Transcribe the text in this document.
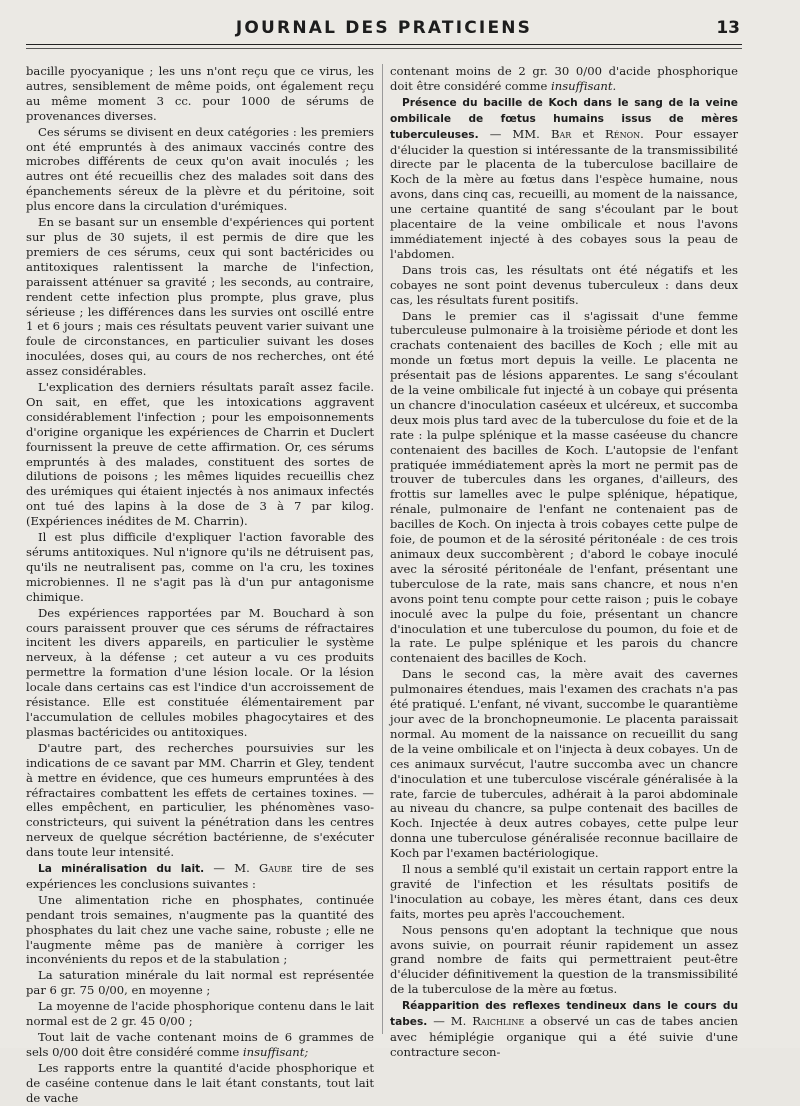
JOURNAL DES PRATICIENS	13

bacille pyocyanique ; les uns n'ont reçu que ce virus, les autres, sensiblement de même poids, ont également reçu au même moment 3 cc. pour 1000 de sérums de provenances diverses.

Ces sérums se divisent en deux catégories : les premiers ont été empruntés à des animaux vaccinés contre des microbes différents de ceux qu'on avait inoculés ; les autres ont été recueillis chez des malades soit dans des épanchements séreux de la plèvre et du péritoine, soit plus encore dans la circulation d'urémiques.

En se basant sur un ensemble d'expériences qui portent sur plus de 30 sujets, il est permis de dire que les premiers de ces sérums, ceux qui sont bactéricides ou antitoxiques ralentissent la marche de l'infection, paraissent atténuer sa gravité ; les seconds, au contraire, rendent cette infection plus prompte, plus grave, plus sérieuse ; les différences dans les survies ont oscillé entre 1 et 6 jours ; mais ces résultats peuvent varier suivant une foule de circonstances, en particulier suivant les doses inoculées, doses qui, au cours de nos recherches, ont été assez considérables.

L'explication des derniers résultats paraît assez facile. On sait, en effet, que les intoxications aggravent considérablement l'infection ; pour les empoisonnements d'origine organique les expériences de Charrin et Duclert fournissent la preuve de cette affirmation. Or, ces sérums empruntés à des malades, constituent des sortes de dilutions de poisons ; les mêmes liquides recueillis chez des urémiques qui étaient injectés à nos animaux infectés ont tué des lapins à la dose de 3 à 7 par kilog. (Expériences inédites de M. Charrin).

Il est plus difficile d'expliquer l'action favorable des sérums antitoxiques. Nul n'ignore qu'ils ne détruisent pas, qu'ils ne neutralisent pas, comme on l'a cru, les toxines microbiennes. Il ne s'agit pas là d'un pur antagonisme chimique.

Des expériences rapportées par M. Bouchard à son cours paraissent prouver que ces sérums de réfractaires incitent les divers appareils, en particulier le système nerveux, à la défense ; cet auteur a vu ces produits permettre la formation d'une lésion locale. Or la lésion locale dans certains cas est l'indice d'un accroissement de résistance. Elle est constituée élémentairement par l'accumulation de cellules mobiles phagocytaires et des plasmas bactéricides ou antitoxiques.

D'autre part, des recherches poursuivies sur les indications de ce savant par MM. Charrin et Gley, tendent à mettre en évidence, que ces humeurs empruntées à des réfractaires combattent les effets de certaines toxines. — elles empêchent, en particulier, les phénomènes vaso-constricteurs, qui suivent la pénétration dans les centres nerveux de quelque sécrétion bactérienne, de s'exécuter dans toute leur intensité.

La minéralisation du lait. — M. Gaube tire de ses expériences les conclusions suivantes :

Une alimentation riche en phosphates, continuée pendant trois semaines, n'augmente pas la quantité des phosphates du lait chez une vache saine, robuste ; elle ne l'augmente même pas de manière à corriger les inconvénients du repos et de la stabulation ;

La saturation minérale du lait normal est représentée par 6 gr. 75 0/00, en moyenne ;

La moyenne de l'acide phosphorique contenu dans le lait normal est de 2 gr. 45 0/00 ;

Tout lait de vache contenant moins de 6 grammes de sels 0/00 doit être considéré comme insuffisant;

Les rapports entre la quantité d'acide phosphorique et de caséine contenue dans le lait étant constants, tout lait de vache

contenant moins de 2 gr. 30 0/00 d'acide phosphorique doit être considéré comme insuffisant.

Présence du bacille de Koch dans le sang de la veine ombilicale de fœtus humains issus de mères tuberculeuses. — MM. Bar et Rénon. Pour essayer d'élucider la question si intéressante de la transmissibilité directe par le placenta de la tuberculose bacillaire de Koch de la mère au fœtus dans l'espèce humaine, nous avons, dans cinq cas, recueilli, au moment de la naissance, une certaine quantité de sang s'écoulant par le bout placentaire de la veine ombilicale et nous l'avons immédiatement injecté à des cobayes sous la peau de l'abdomen.

Dans trois cas, les résultats ont été négatifs et les cobayes ne sont point devenus tuberculeux : dans deux cas, les résultats furent positifs.

Dans le premier cas il s'agissait d'une femme tuberculeuse pulmonaire à la troisième période et dont les crachats contenaient des bacilles de Koch ; elle mit au monde un fœtus mort depuis la veille. Le placenta ne présentait pas de lésions apparentes. Le sang s'écoulant de la veine ombilicale fut injecté à un cobaye qui présenta un chancre d'inoculation caséeux et ulcéreux, et succomba deux mois plus tard avec de la tuberculose du foie et de la rate : la pulpe splénique et la masse caséeuse du chancre contenaient des bacilles de Koch. L'autopsie de l'enfant pratiquée immédiatement après la mort ne permit pas de trouver de tubercules dans les organes, d'ailleurs, des frottis sur lamelles avec le pulpe splénique, hépatique, rénale, pulmonaire de l'enfant ne contenaient pas de bacilles de Koch. On injecta à trois cobayes cette pulpe de foie, de poumon et de la sérosité péritonéale : de ces trois animaux deux succombèrent ; d'abord le cobaye inoculé avec la sérosité péritonéale de l'enfant, présentant une tuberculose de la rate, mais sans chancre, et nous n'en avons point tenu compte pour cette raison ; puis le cobaye inoculé avec la pulpe du foie, présentant un chancre d'inoculation et une tuberculose du poumon, du foie et de la rate. Le pulpe splénique et les parois du chancre contenaient des bacilles de Koch.

Dans le second cas, la mère avait des cavernes pulmonaires étendues, mais l'examen des crachats n'a pas été pratiqué. L'enfant, né vivant, succombe le quarantième jour avec de la bronchopneumonie. Le placenta paraissait normal. Au moment de la naissance on recueillit du sang de la veine ombilicale et on l'injecta à deux cobayes. Un de ces animaux survécut, l'autre succomba avec un chancre d'inoculation et une tuberculose viscérale généralisée à la rate, farcie de tubercules, adhérait à la paroi abdominale au niveau du chancre, sa pulpe contenait des bacilles de Koch. Injectée à deux autres cobayes, cette pulpe leur donna une tuberculose généralisée reconnue bacillaire de Koch par l'examen bactériologique.

Il nous a semblé qu'il existait un certain rapport entre la gravité de l'infection et les résultats positifs de l'inoculation au cobaye, les mères étant, dans ces deux faits, mortes peu après l'accouchement.

Nous pensons qu'en adoptant la technique que nous avons suivie, on pourrait réunir rapidement un assez grand nombre de faits qui permettraient peut-être d'élucider définitivement la question de la transmissibilité de la tuberculose de la mère au fœtus.

Réapparition des reflexes tendineux dans le cours du tabes. — M. Raichline a observé un cas de tabes ancien avec hémiplégie organique qui a été suivie d'une contracture secon-
